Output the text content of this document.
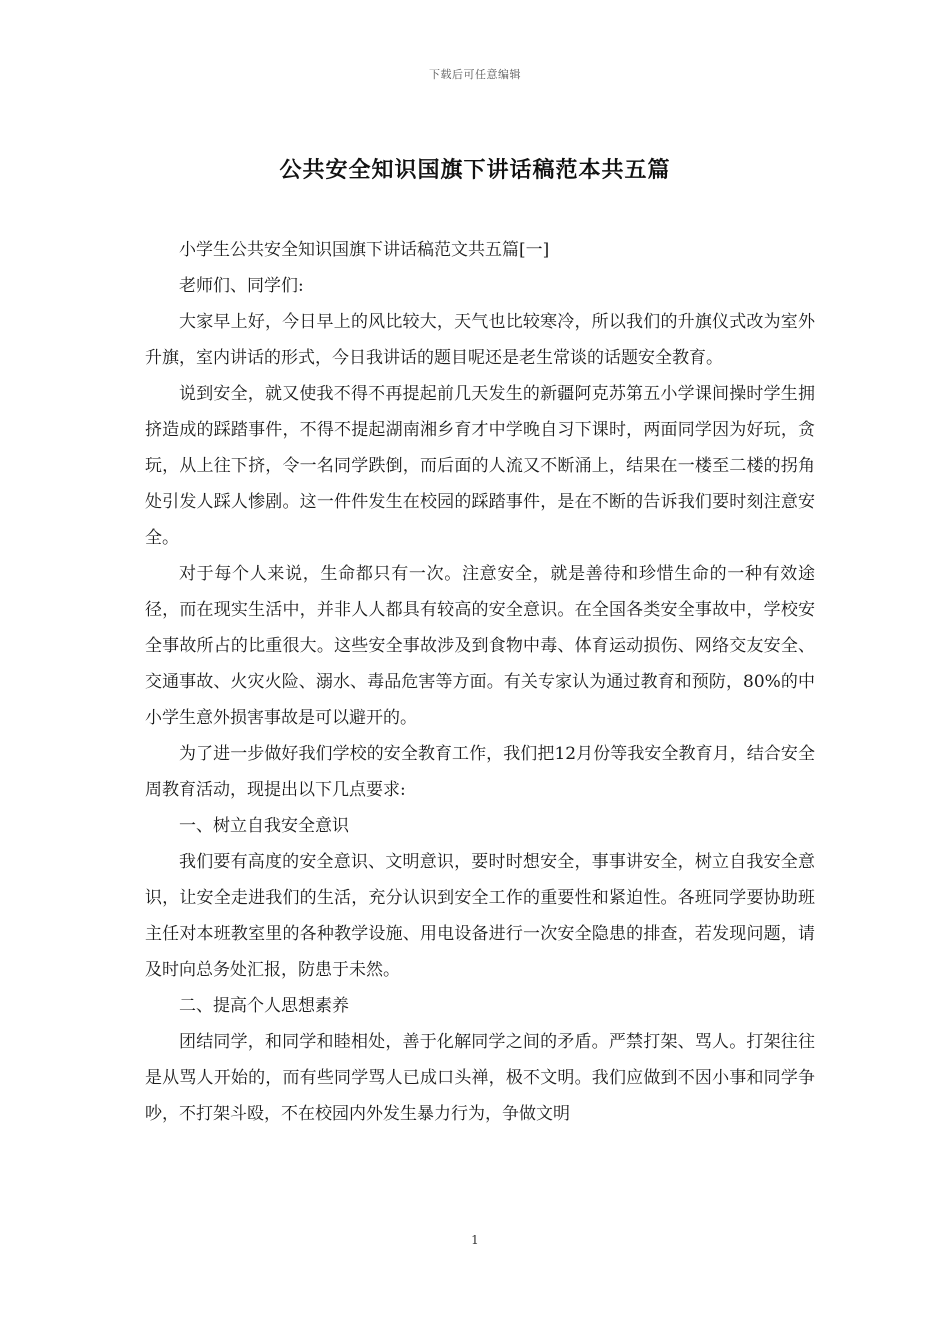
下载后可任意编辑
公共安全知识国旗下讲话稿范本共五篇

小学生公共安全知识国旗下讲话稿范文共五篇[一]

老师们、同学们:

大家早上好，今日早上的风比较大，天气也比较寒冷，所以我们的升旗仪式改为室外升旗，室内讲话的形式，今日我讲话的题目呢还是老生常谈的话题安全教育。

说到安全，就又使我不得不再提起前几天发生的新疆阿克苏第五小学课间操时学生拥挤造成的踩踏事件，不得不提起湖南湘乡育才中学晚自习下课时，两面同学因为好玩，贪玩，从上往下挤，令一名同学跌倒，而后面的人流又不断涌上，结果在一楼至二楼的拐角处引发人踩人惨剧。这一件件发生在校园的踩踏事件，是在不断的告诉我们要时刻注意安全。

对于每个人来说，生命都只有一次。注意安全，就是善待和珍惜生命的一种有效途径，而在现实生活中，并非人人都具有较高的安全意识。在全国各类安全事故中，学校安全事故所占的比重很大。这些安全事故涉及到食物中毒、体育运动损伤、网络交友安全、交通事故、火灾火险、溺水、毒品危害等方面。有关专家认为通过教育和预防，80%的中小学生意外损害事故是可以避开的。

为了进一步做好我们学校的安全教育工作，我们把12月份等我安全教育月，结合安全周教育活动，现提出以下几点要求:

一、树立自我安全意识

我们要有高度的安全意识、文明意识，要时时想安全，事事讲安全，树立自我安全意识，让安全走进我们的生活，充分认识到安全工作的重要性和紧迫性。各班同学要协助班主任对本班教室里的各种教学设施、用电设备进行一次安全隐患的排查，若发现问题，请及时向总务处汇报，防患于未然。

二、提高个人思想素养

团结同学，和同学和睦相处，善于化解同学之间的矛盾。严禁打架、骂人。打架往往是从骂人开始的，而有些同学骂人已成口头禅，极不文明。我们应做到不因小事和同学争吵，不打架斗殴，不在校园内外发生暴力行为，争做文明

1
